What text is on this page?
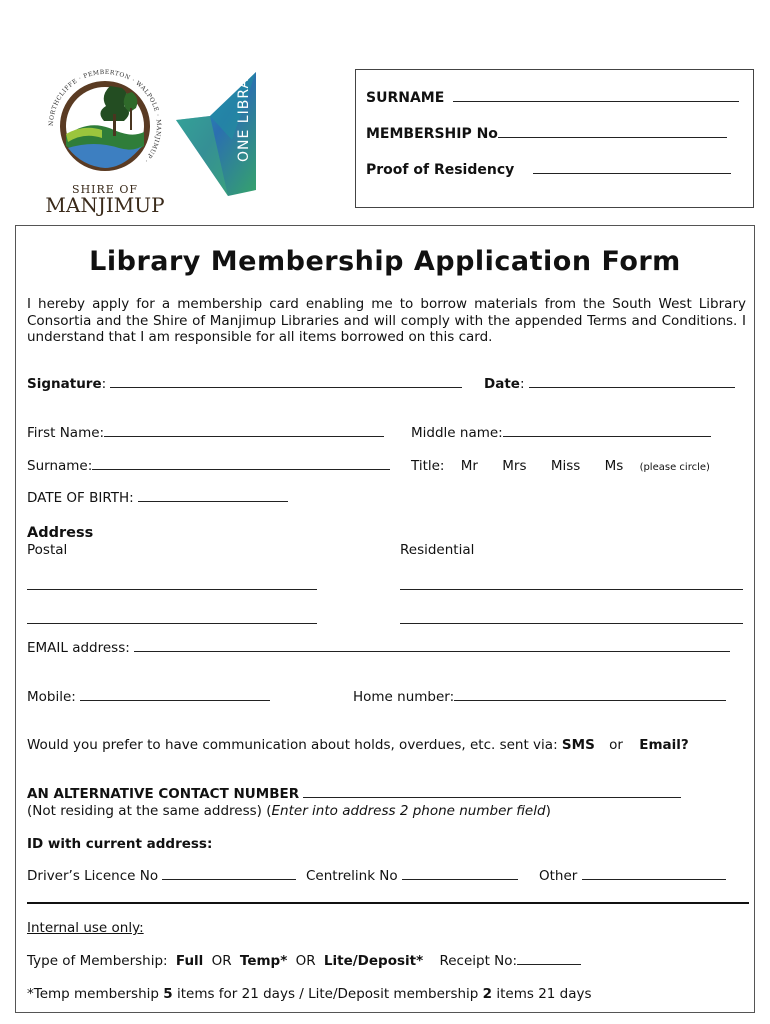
NORTHCLIFFE · PEMBERTON · WALPOLE · MANJIMUP ·
SHIRE OF
MANJIMUP
ONE LIBRARY	SURNAME
MEMBERSHIP No
Proof of Residency
Library Membership Application Form
I hereby apply for a membership card enabling me to borrow materials from the South West Library Consortia and the Shire of Manjimup Libraries and will comply with the appended Terms and Conditions. I understand that I am responsible for all items borrowed on this card.
Signature:	Date:
First Name:	Middle name:
Surname:	Title: Mr Mrs Miss Ms (please circle)
DATE OF BIRTH:
Address
Postal	Residential
EMAIL address:
Mobile:	Home number:
Would you prefer to have communication about holds, overdues, etc. sent via: SMS or Email?
AN ALTERNATIVE CONTACT NUMBER
(Not residing at the same address) (Enter into address 2 phone number field)
ID with current address:
Driver’s Licence No	Centrelink No	Other
Internal use only:
Type of Membership: Full OR Temp* OR Lite/Deposit* Receipt No:
*Temp membership 5 items for 21 days / Lite/Deposit membership 2 items 21 days
